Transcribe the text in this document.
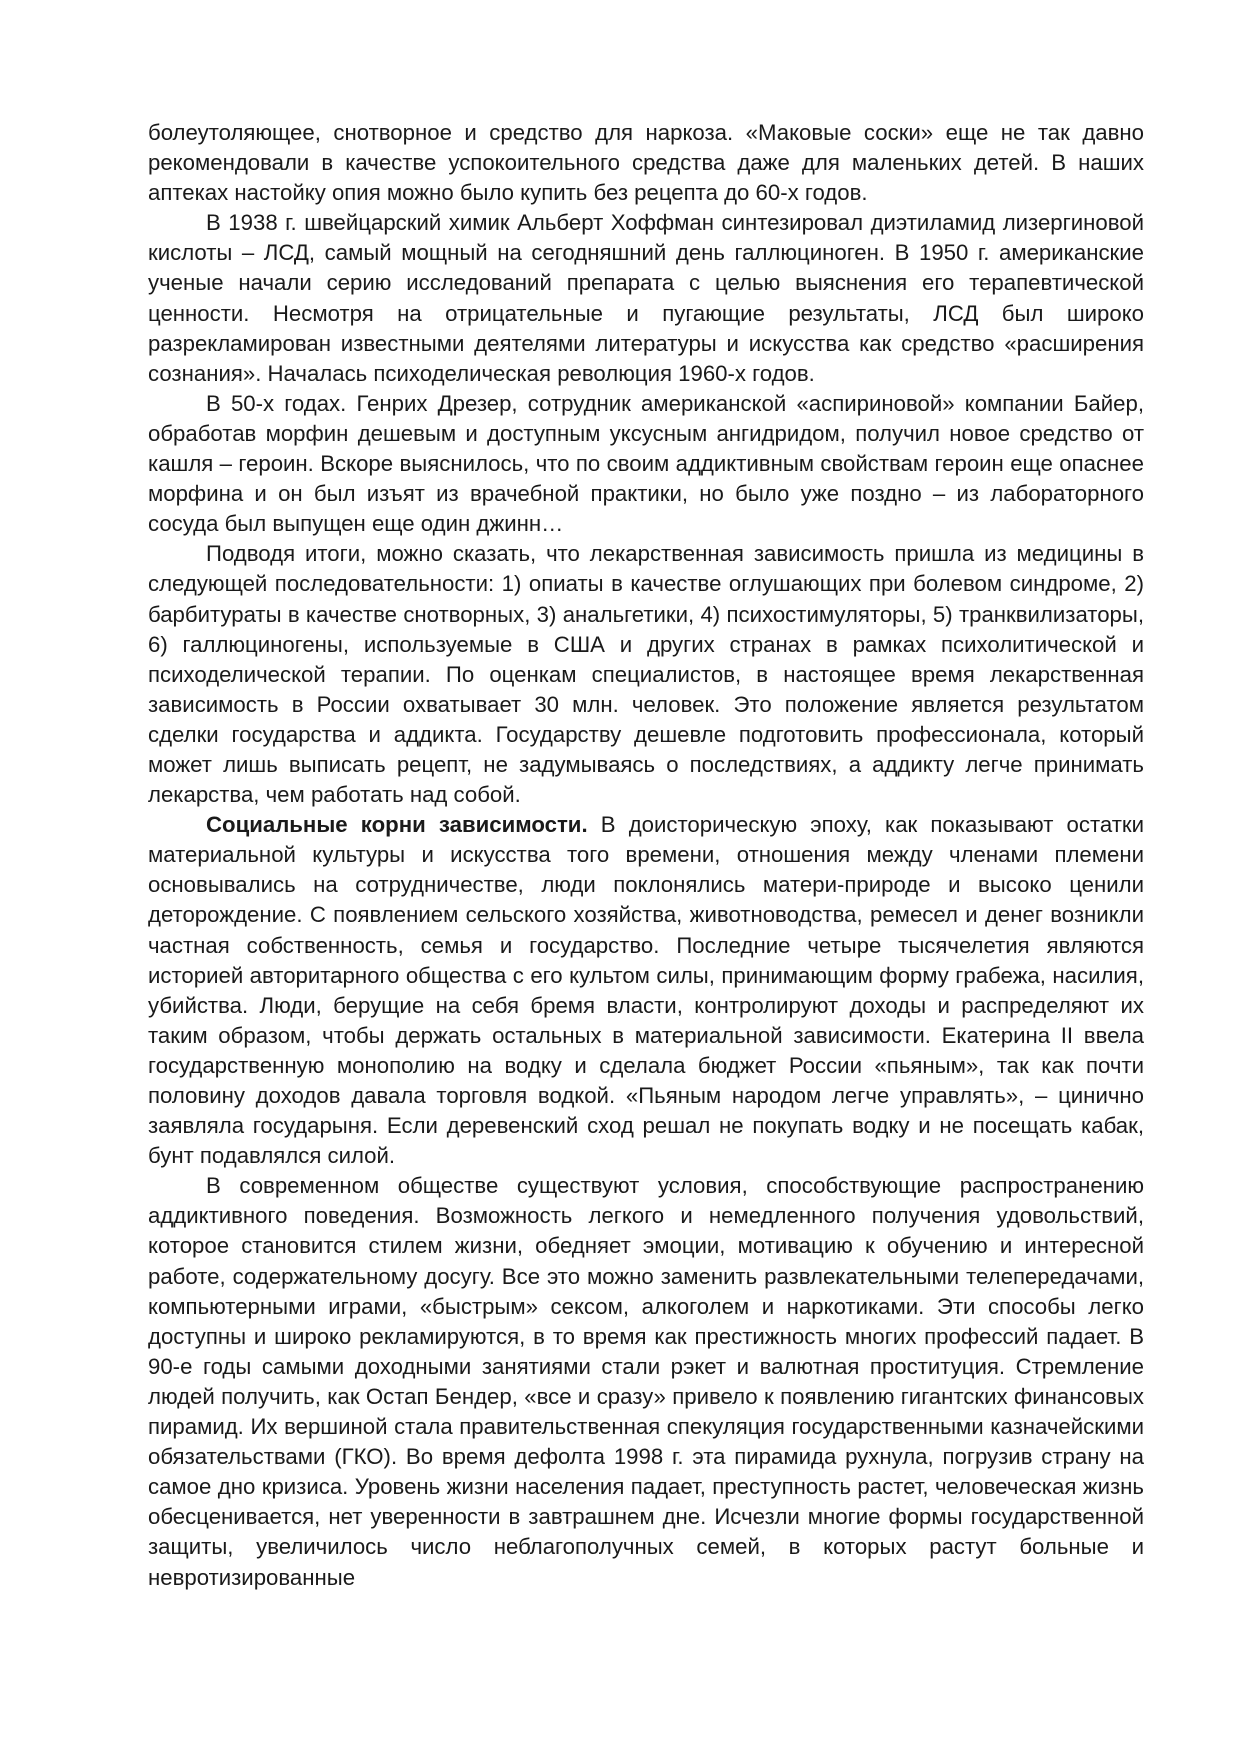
болеутоляющее, снотворное и средство для наркоза. «Маковые соски» еще не так давно рекомендовали в качестве успокоительного средства даже для маленьких детей. В наших аптеках настойку опия можно было купить без рецепта до 60-х годов.

В 1938 г. швейцарский химик Альберт Хоффман синтезировал диэтиламид лизергиновой кислоты – ЛСД, самый мощный на сегодняшний день галлюциноген. В 1950 г. американские ученые начали серию исследований препарата с целью выяснения его терапевтической ценности. Несмотря на отрицательные и пугающие результаты, ЛСД был широко разрекламирован известными деятелями литературы и искусства как средство «расширения сознания». Началась психоделическая революция 1960-х годов.

В 50-х годах. Генрих Дрезер, сотрудник американской «аспириновой» компании Байер, обработав морфин дешевым и доступным уксусным ангидридом, получил новое средство от кашля – героин. Вскоре выяснилось, что по своим аддиктивным свойствам героин еще опаснее морфина и он был изъят из врачебной практики, но было уже поздно – из лабораторного сосуда был выпущен еще один джинн…

Подводя итоги, можно сказать, что лекарственная зависимость пришла из медицины в следующей последовательности: 1) опиаты в качестве оглушающих при болевом синдроме, 2) барбитураты в качестве снотворных, 3) анальгетики, 4) психостимуляторы, 5) транквилизаторы, 6) галлюциногены, используемые в США и других странах в рамках психолитической и психоделической терапии. По оценкам специалистов, в настоящее время лекарственная зависимость в России охватывает 30 млн. человек. Это положение является результатом сделки государства и аддикта. Государству дешевле подготовить профессионала, который может лишь выписать рецепт, не задумываясь о последствиях, а аддикту легче принимать лекарства, чем работать над собой.

Социальные корни зависимости. В доисторическую эпоху, как показывают остатки материальной культуры и искусства того времени, отношения между членами племени основывались на сотрудничестве, люди поклонялись матери-природе и высоко ценили деторождение. С появлением сельского хозяйства, животноводства, ремесел и денег возникли частная собственность, семья и государство. Последние четыре тысячелетия являются историей авторитарного общества с его культом силы, принимающим форму грабежа, насилия, убийства. Люди, берущие на себя бремя власти, контролируют доходы и распределяют их таким образом, чтобы держать остальных в материальной зависимости. Екатерина II ввела государственную монополию на водку и сделала бюджет России «пьяным», так как почти половину доходов давала торговля водкой. «Пьяным народом легче управлять», – цинично заявляла государыня. Если деревенский сход решал не покупать водку и не посещать кабак, бунт подавлялся силой.

В современном обществе существуют условия, способствующие распространению аддиктивного поведения. Возможность легкого и немедленного получения удовольствий, которое становится стилем жизни, обедняет эмоции, мотивацию к обучению и интересной работе, содержательному досугу. Все это можно заменить развлекательными телепередачами, компьютерными играми, «быстрым» сексом, алкоголем и наркотиками. Эти способы легко доступны и широко рекламируются, в то время как престижность многих профессий падает. В 90-е годы самыми доходными занятиями стали рэкет и валютная проституция. Стремление людей получить, как Остап Бендер, «все и сразу» привело к появлению гигантских финансовых пирамид. Их вершиной стала правительственная спекуляция государственными казначейскими обязательствами (ГКО). Во время дефолта 1998 г. эта пирамида рухнула, погрузив страну на самое дно кризиса. Уровень жизни населения падает, преступность растет, человеческая жизнь обесценивается, нет уверенности в завтрашнем дне. Исчезли многие формы государственной защиты, увеличилось число неблагополучных семей, в которых растут больные и невротизированные
